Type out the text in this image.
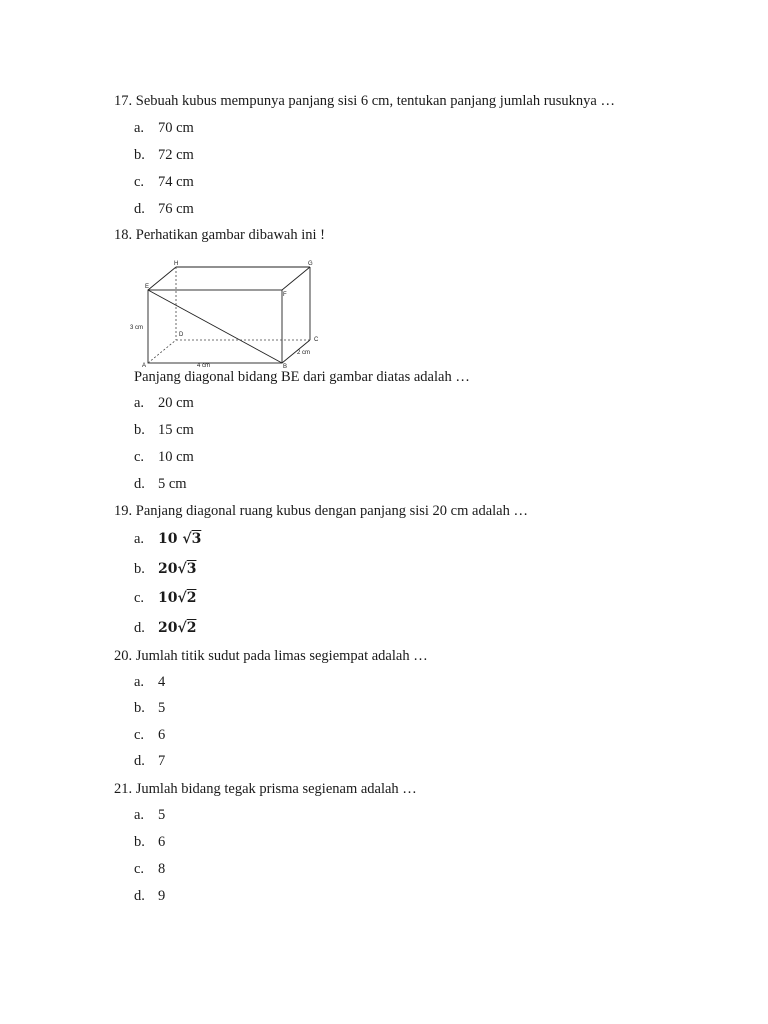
17. Sebuah kubus mempunya panjang sisi 6 cm, tentukan panjang jumlah rusuknya …
a. 70 cm
b. 72 cm
c. 74 cm
d. 76 cm
18. Perhatikan gambar dibawah ini !
A	B
C
D
E
F
G
H
3 cm
4 cm
2 cm
Panjang diagonal bidang BE dari gambar diatas adalah …
a. 20 cm
b. 15 cm
c. 10 cm
d. 5 cm
19. Panjang diagonal ruang kubus dengan panjang sisi 20 cm adalah …
a. 10 √3
b. 20√3
c. 10√2
d. 20√2
20. Jumlah titik sudut pada limas segiempat adalah …
a. 4
b. 5
c. 6
d. 7
21. Jumlah bidang tegak prisma segienam adalah …
a. 5
b. 6
c. 8
d. 9
